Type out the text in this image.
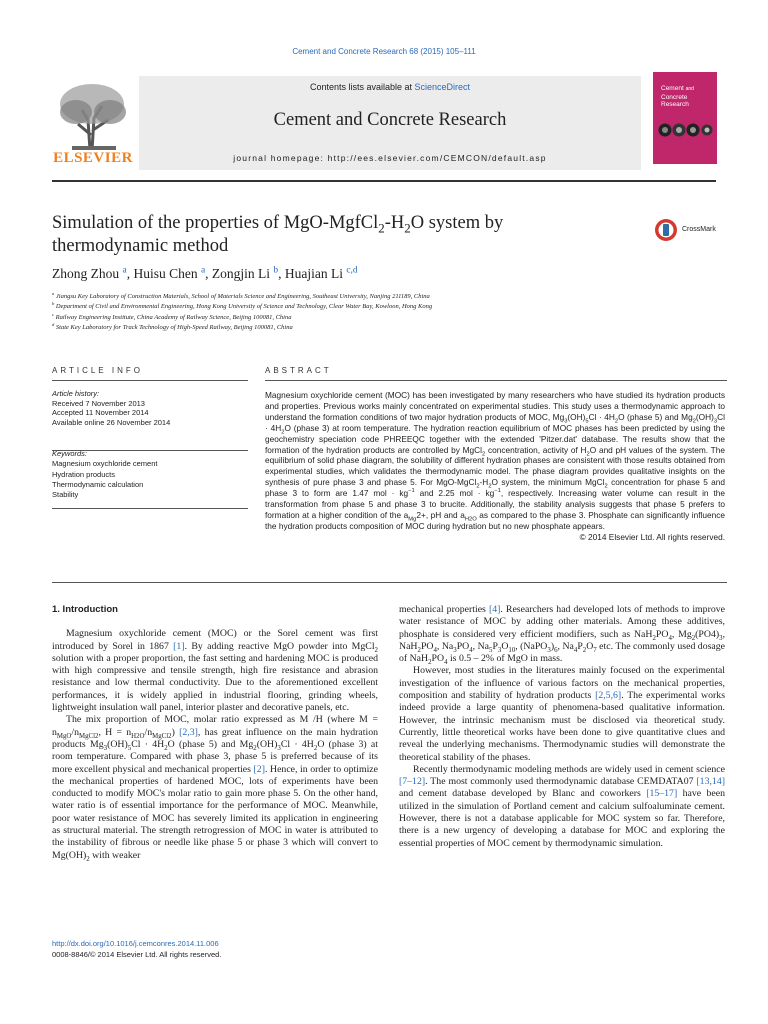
Cement and Concrete Research 68 (2015) 105–111
ELSEVIER
Contents lists available at ScienceDirect
Cement and Concrete Research
journal homepage: http://ees.elsevier.com/CEMCON/default.asp
Cement and
Concrete
Research
Simulation of the properties of MgO-$MgfCl_2-H_2O$ system by thermodynamic method
CrossMark
Zhong Zhou $^a$, Huisu Chen $^a$, Zongjin Li $^b$, Huajian Li $^{c,d}$
$^a$ Jiangsu Key Laboratory of Construction Materials, School of Materials Science and Engineering, Southeast University, Nanjing 211189, China
$^b$ Department of Civil and Environmental Engineering, Hong Kong University of Science and Technology, Clear Water Bay, Kowloon, Hong Kong
$^c$ Railway Engineering Institute, China Academy of Railway Science, Beijing 100081, China
$^d$ State Key Laboratory for Track Technology of High-Speed Railway, Beijing 100081, China
ARTICLE INFO	ABSTRACT
Article history:
Received 7 November 2013
Accepted 11 November 2014
Available online 26 November 2014
Keywords:
Magnesium oxychloride cement
Hydration products
Thermodynamic calculation
Stability
Magnesium oxychloride cement (MOC) has been investigated by many researchers who have studied its hydration products and properties. Previous works mainly concentrated on experimental studies. This study uses a thermodynamic approach to understand the formation conditions of two major hydration products of MOC, $Mg_3(OH)_5Cl \cdot 4H_2O$ (phase 5) and $Mg_2(OH)_3Cl \cdot 4H_2O$ (phase 3) at room temperature. The hydration reaction equilibrium of MOC phases has been predicted by using the geochemistry speciation code PHREEQC together with the extended 'Pitzer.dat' database. The results show that the formation of the hydration products are controlled by MgCl$_2$ concentration, activity of $H_2O$ and pH values of the system. The equilibrium of solid phase diagram, the solubility of different hydration phases are consistent with those results obtained from experimental studies, which validates the thermodynamic model. The phase diagram provides qualitative insights on the synthesis of pure phase 3 and phase 5. For MgO-$MgCl_2-H_2O$ system, the minimum MgCl$_2$ concentration for phase 5 and phase 3 to form are 1.47 mol · $kg^{-1}$ and 2.25 mol · $kg^{-1}$, respectively. Increasing water volume can result in the transformation from phase 5 and phase 3 to brucite. Additionally, the stability analysis suggests that phase 5 prefers to formation at a higher condition of the $a_{Mg}2+$, pH and $a_{H2O}$ as compared to the phase 3. Phosphate can significantly influence the hydration products composition of MOC during hydration but no new phosphate appears.
© 2014 Elsevier Ltd. All rights reserved.
1. Introduction

Magnesium oxychloride cement (MOC) or the Sorel cement was first introduced by Sorel in 1867 [1]. By adding reactive MgO powder into MgCl$_2$ solution with a proper proportion, the fast setting and hardening MOC is produced with high compressive and tensile strength, high fire resistance and abrasion resistance and low thermal conductivity. Due to the aforementioned excellent performances, it is widely applied in industrial flooring, grinding wheels, lightweight insulation wall panel, interior plaster and decorative panels, etc.

The mix proportion of MOC, molar ratio expressed as M /H (where $M = n_{MgO}/n_{MgCl2}$, $H = n_{H2O}/n_{MgCl2}$) [2,3], has great influence on the main hydration products $Mg_3(OH)_5Cl \cdot 4H_2O$ (phase 5) and $Mg_2(OH)_3Cl \cdot 4H_2O$ (phase 3) at room temperature. Compared with phase 3, phase 5 is preferred because of its more excellent physical and mechanical properties [2]. Hence, in order to optimize the mechanical properties of hardened MOC, lots of experiments have been conducted to modify MOC's molar ratio to gain more phase 5. On the other hand, water ratio is of essential importance for the performance of MOC. Meanwhile, poor water resistance of MOC has severely limited its application in engineering as structural material. The strength retrogression of MOC in water is attributed to the instability of fibrous or needle like phase 5 or phase 3 which will convert to $Mg(OH)_2$ with weaker

mechanical properties [4]. Researchers had developed lots of methods to improve water resistance of MOC by adding other materials. Among these additives, phosphate is considered very efficient modifiers, such as $NaH_2PO_4$, $Mg_2(PO4)_3$, $NaH_2PO_4$, $Na_3PO_4$, $Na_5P_3O_{10}$, $(NaPO_3)_6$, $Na_4P_2O_7$ etc. The commonly used dosage of $NaH_2PO_4$ is 0.5 – 2% of MgO in mass.

However, most studies in the literatures mainly focused on the experimental investigation of the influence of various factors on the mechanical properties, composition and stability of hydration products [2,5,6]. The experimental works indeed provide a large quantity of phenomena-based qualitative information. However, the intrinsic mechanism must be disclosed via theoretical study. Currently, little theoretical works have been done to give quantitative clues and reveal the underlying mechanisms. Thermodynamic studies will demonstrate the theoretical stability of the phases.

Recently thermodynamic modeling methods are widely used in cement science [7–12]. The most commonly used thermodynamic database CEMDATA07 [13,14] and cement database developed by Blanc and coworkers [15–17] have been utilized in the simulation of Portland cement and calcium sulfoaluminate cement. However, there is not a database applicable for MOC system so far. Therefore, there is a new urgency of developing a database for MOC and exploring the essential properties of MOC cement by thermodynamic simulation.

http://dx.doi.org/10.1016/j.cemconres.2014.11.006
0008-8846/© 2014 Elsevier Ltd. All rights reserved.
